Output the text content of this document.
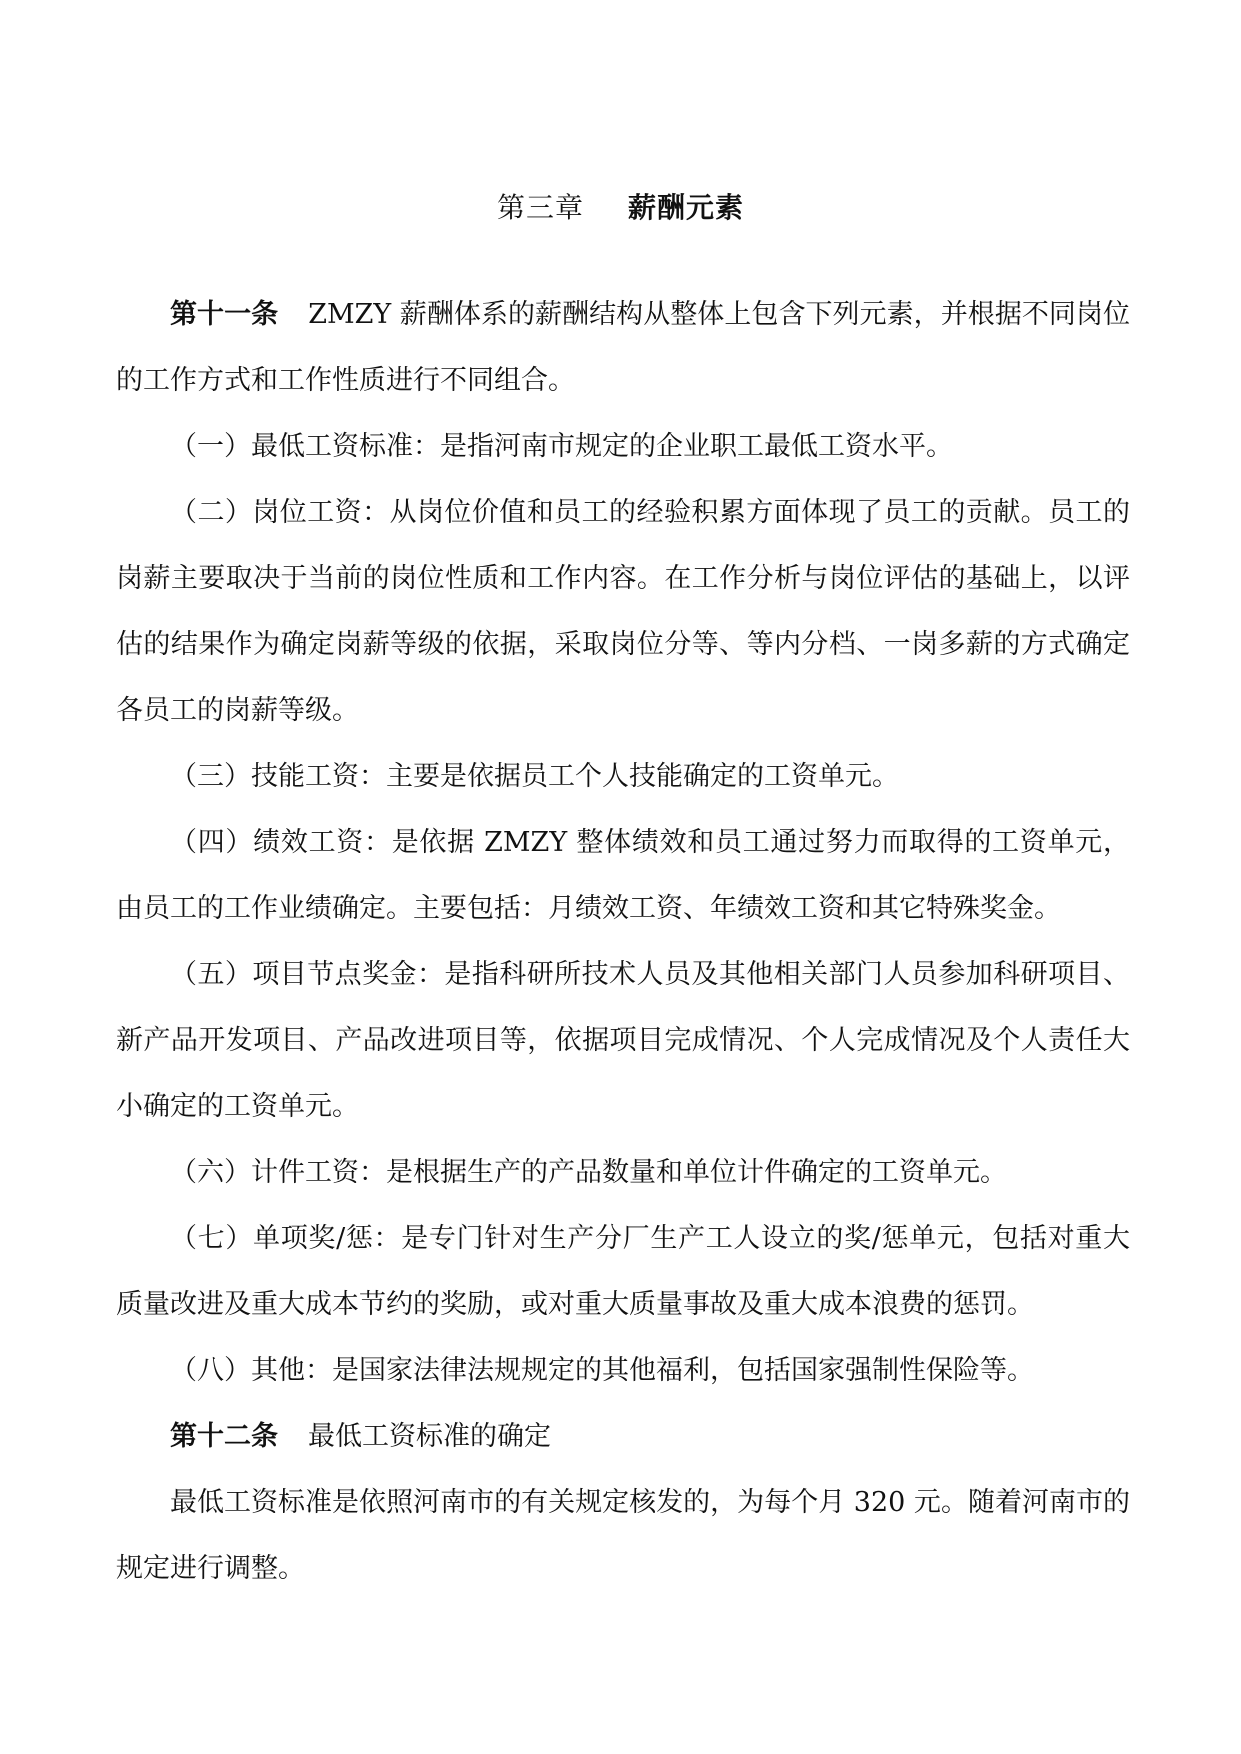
第三章 薪酬元素

第十一条 ZMZY 薪酬体系的薪酬结构从整体上包含下列元素，并根据不同岗位的工作方式和工作性质进行不同组合。

（一）最低工资标准：是指河南市规定的企业职工最低工资水平。

（二）岗位工资：从岗位价值和员工的经验积累方面体现了员工的贡献。员工的岗薪主要取决于当前的岗位性质和工作内容。在工作分析与岗位评估的基础上，以评估的结果作为确定岗薪等级的依据，采取岗位分等、等内分档、一岗多薪的方式确定各员工的岗薪等级。

（三）技能工资：主要是依据员工个人技能确定的工资单元。

（四）绩效工资：是依据 ZMZY 整体绩效和员工通过努力而取得的工资单元，由员工的工作业绩确定。主要包括：月绩效工资、年绩效工资和其它特殊奖金。

（五）项目节点奖金：是指科研所技术人员及其他相关部门人员参加科研项目、新产品开发项目、产品改进项目等，依据项目完成情况、个人完成情况及个人责任大小确定的工资单元。

（六）计件工资：是根据生产的产品数量和单位计件确定的工资单元。

（七）单项奖/惩：是专门针对生产分厂生产工人设立的奖/惩单元，包括对重大质量改进及重大成本节约的奖励，或对重大质量事故及重大成本浪费的惩罚。

（八）其他：是国家法律法规规定的其他福利，包括国家强制性保险等。

第十二条 最低工资标准的确定

最低工资标准是依照河南市的有关规定核发的，为每个月 320 元。随着河南市的规定进行调整。
